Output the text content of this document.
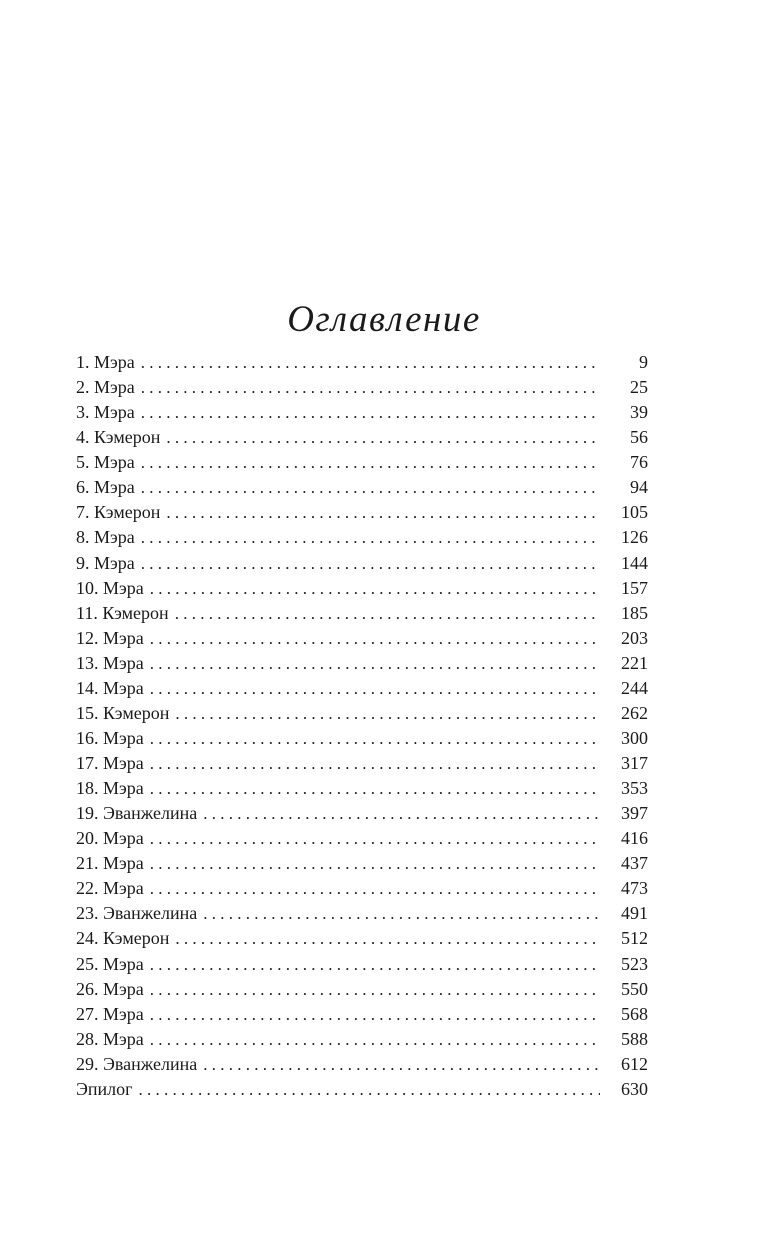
Оглавление
1. Мэра . . .	9
2. Мэра . . .	25
3. Мэра . . .	39
4. Кэмерон . . .	56
5. Мэра . . .	76
6. Мэра . . .	94
7. Кэмерон . . .	105
8. Мэра . . .	126
9. Мэра . . .	144
10. Мэра . . .	157
11. Кэмерон . . .	185
12. Мэра . . .	203
13. Мэра . . .	221
14. Мэра . . .	244
15. Кэмерон . . .	262
16. Мэра . . .	300
17. Мэра . . .	317
18. Мэра . . .	353
19. Эванжелина . . .	397
20. Мэра . . .	416
21. Мэра . . .	437
22. Мэра . . .	473
23. Эванжелина . . .	491
24. Кэмерон . . .	512
25. Мэра . . .	523
26. Мэра . . .	550
27. Мэра . . .	568
28. Мэра . . .	588
29. Эванжелина . . .	612
Эпилог . . .	630
